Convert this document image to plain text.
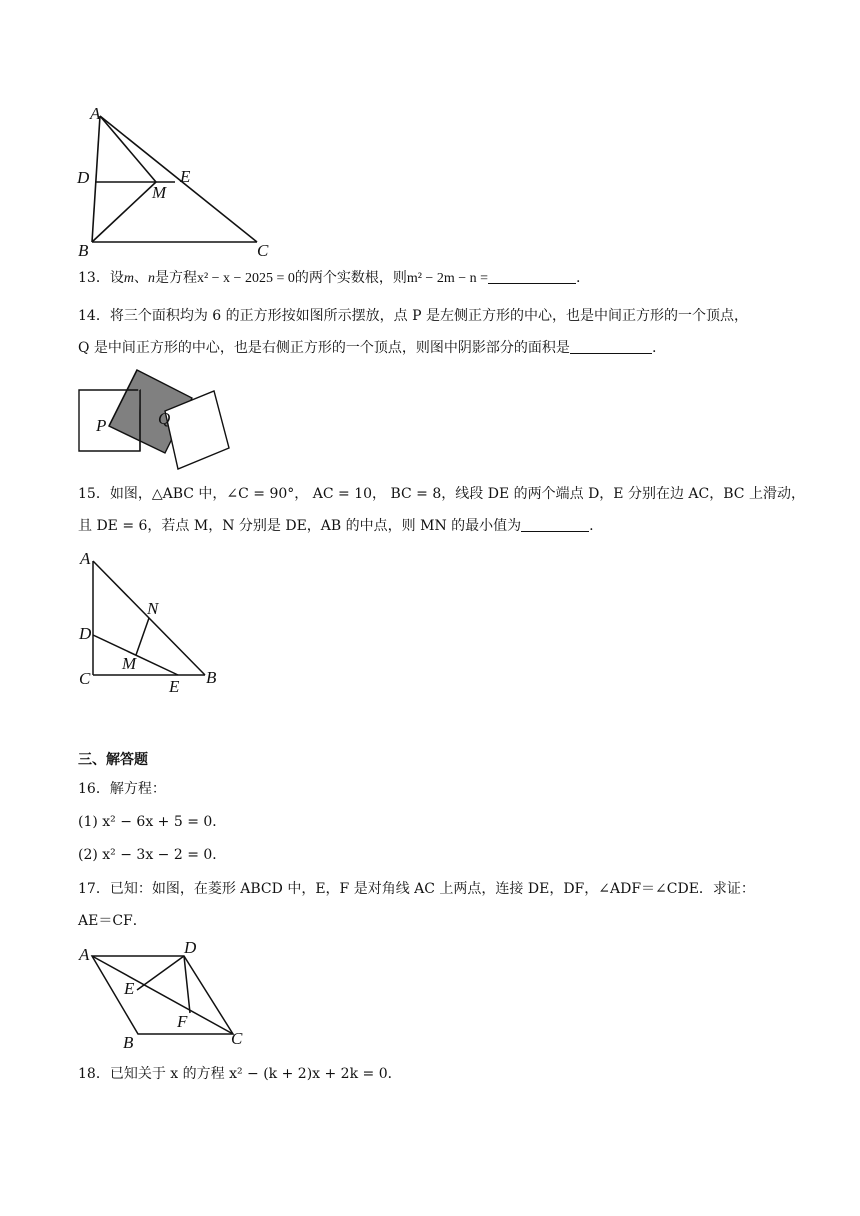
A
D	E
M
B	C
13．设m、n是方程x² − x − 2025 = 0的两个实数根，则m² − 2m − n =	.
14．将三个面积均为 6 的正方形按如图所示摆放，点 P 是左侧正方形的中心，也是中间正方形的一个顶点，
Q 是中间正方形的中心，也是右侧正方形的一个顶点，则图中阴影部分的面积是	.
P	Q
15．如图，△ABC 中，∠C = 90°， AC = 10， BC = 8，线段 DE 的两个端点 D，E 分别在边 AC，BC 上滑动，
且 DE = 6，若点 M，N 分别是 DE，AB 的中点，则 MN 的最小值为	.
A
N
D
M
C	E B
三、解答题
16．解方程：
(1) x² − 6x + 5 = 0．
(2) x² − 3x − 2 = 0．
17．已知：如图，在菱形 ABCD 中，E，F 是对角线 AC 上两点，连接 DE，DF，∠ADF＝∠CDE．求证：
AE＝CF．
A	D
E
F
B	C
18．已知关于 x 的方程 x² − (k + 2)x + 2k = 0．
